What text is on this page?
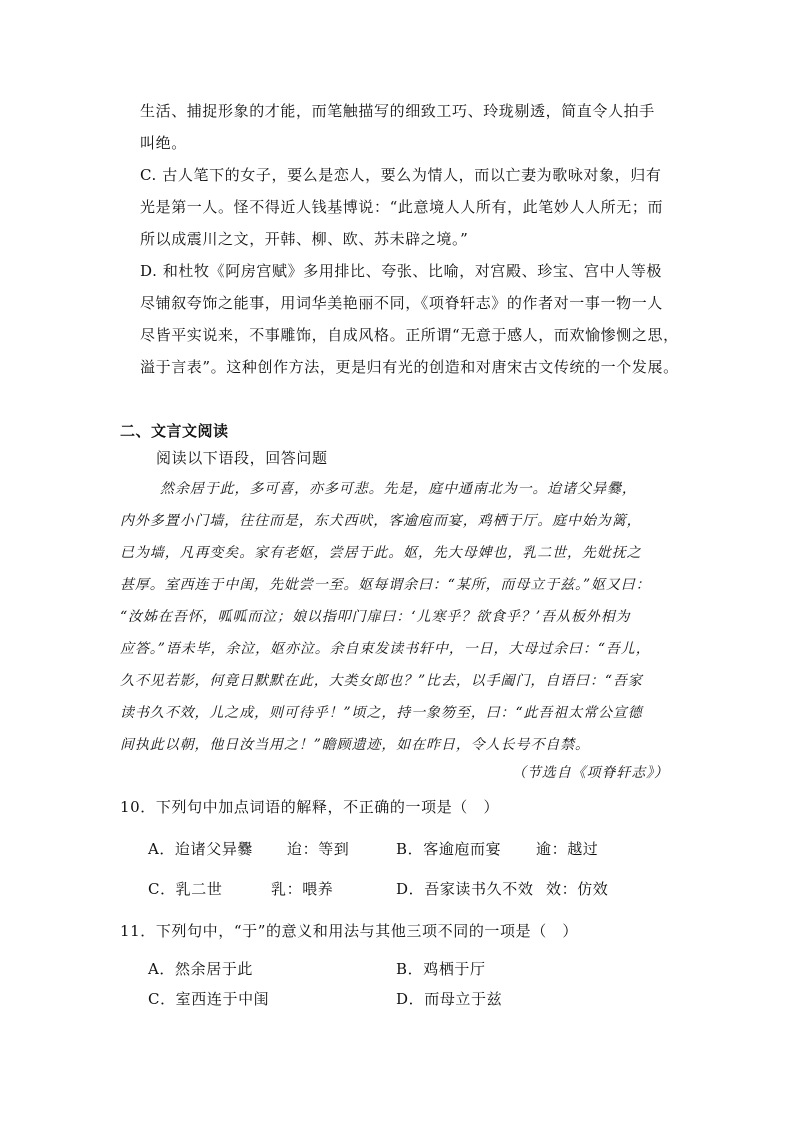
生活、捕捉形象的才能，而笔触描写的细致工巧、玲珑剔透，简直令人拍手
叫绝。
C. 古人笔下的女子，要么是恋人，要么为情人，而以亡妻为歌咏对象，归有
光是第一人。怪不得近人钱基博说：“此意境人人所有，此笔妙人人所无；而
所以成震川之文，开韩、柳、欧、苏未辟之境。”
D. 和杜牧《阿房宫赋》多用排比、夸张、比喻，对宫殿、珍宝、宫中人等极
尽铺叙夸饰之能事，用词华美艳丽不同，《项脊轩志》的作者对一事一物一人
尽皆平实说来，不事雕饰，自成风格。正所谓“无意于感人，而欢愉惨恻之思，
溢于言表”。这种创作方法，更是归有光的创造和对唐宋古文传统的一个发展。
二、文言文阅读
阅读以下语段，回答问题
然余居于此，多可喜，亦多可悲。先是，庭中通南北为一。迨诸父异爨，
内外多置小门墙，往往而是，东犬西吠，客逾庖而宴，鸡栖于厅。庭中始为篱，
已为墙，凡再变矣。家有老妪，尝居于此。妪，先大母婢也，乳二世，先妣抚之
甚厚。室西连于中闺，先妣尝一至。妪每谓余曰：“某所，而母立于兹。”妪又曰：
“汝姊在吾怀，呱呱而泣；娘以指叩门扉曰：‘儿寒乎？欲食乎？’吾从板外相为
应答。”语未毕，余泣，妪亦泣。余自束发读书轩中，一日，大母过余曰：“吾儿，
久不见若影，何竟日默默在此，大类女郎也？”比去，以手阖门，自语曰：“吾家
读书久不效，儿之成，则可待乎！”顷之，持一象笏至，曰：“此吾祖太常公宣德
间执此以朝，他日汝当用之！”瞻顾遗迹，如在昨日，令人长号不自禁。
（节选自《项脊轩志》）
10．下列句中加点词语的解释，不正确的一项是（　）
A．迨诸父异爨 迨：等到	B．客逾庖而宴 逾：越过
C．乳二世	乳：喂养	D．吾家读书久不效 效：仿效
11．下列句中，“于”的意义和用法与其他三项不同的一项是（　）
A．然余居于此	B．鸡栖于厅
C．室西连于中闺	D．而母立于兹
